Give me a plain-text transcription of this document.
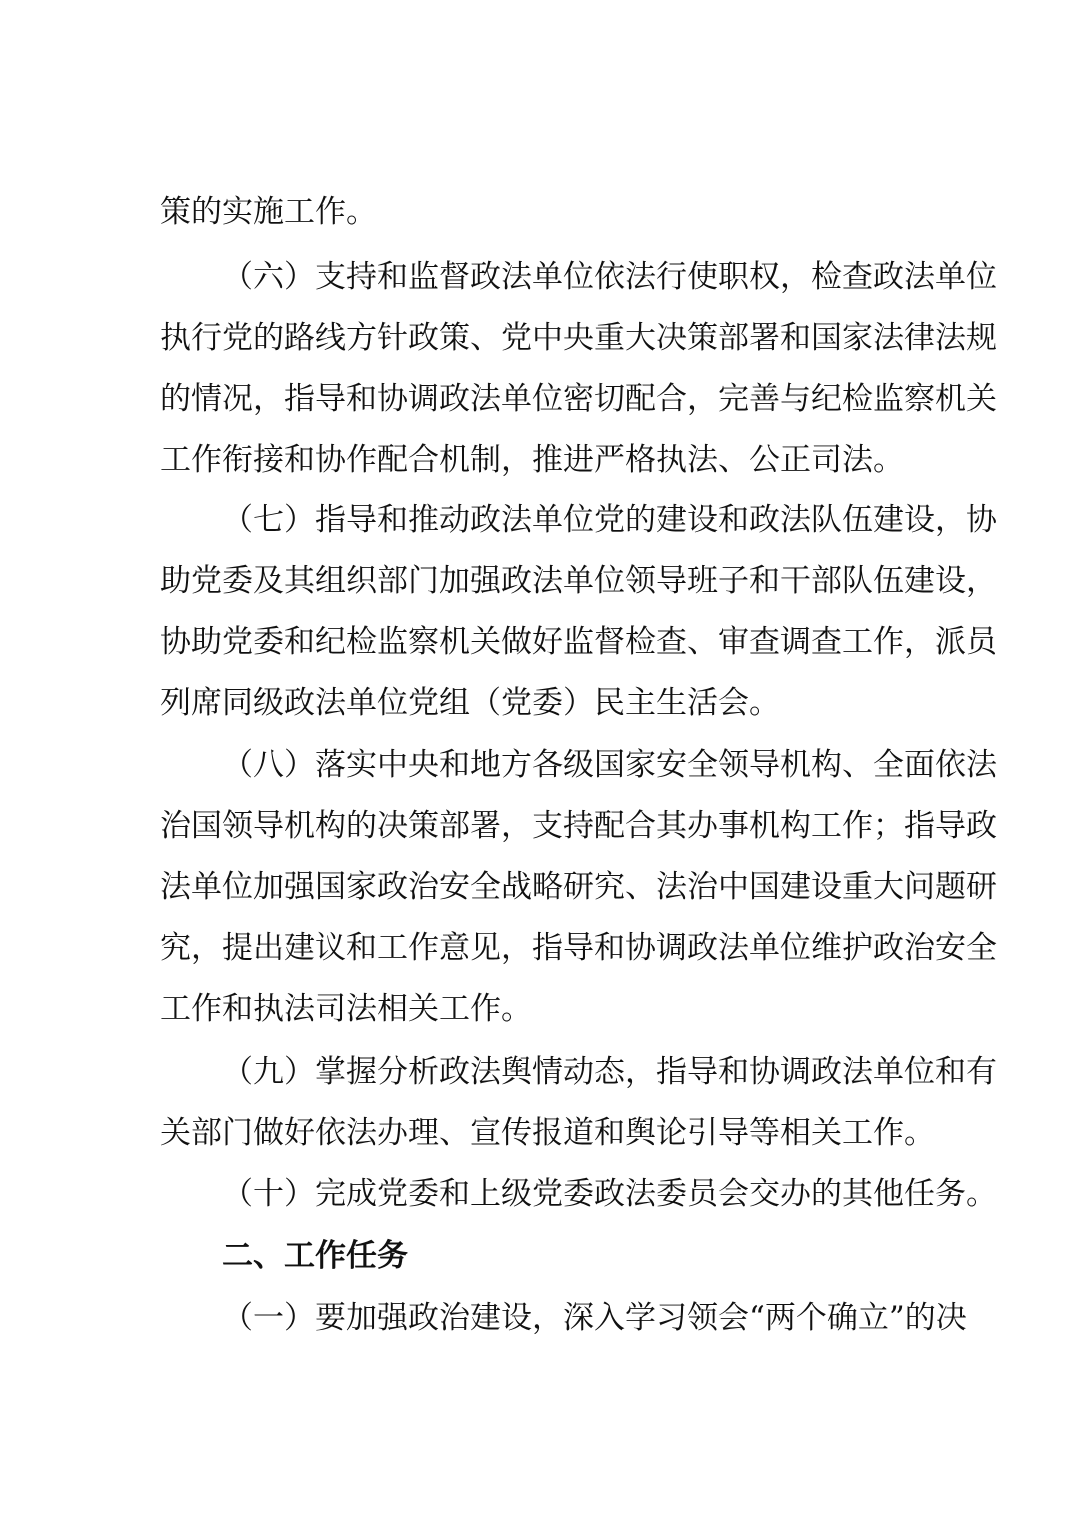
策的实施工作。
（六）支持和监督政法单位依法行使职权，检查政法单位
执行党的路线方针政策、党中央重大决策部署和国家法律法规
的情况，指导和协调政法单位密切配合，完善与纪检监察机关
工作衔接和协作配合机制，推进严格执法、公正司法。
（七）指导和推动政法单位党的建设和政法队伍建设，协
助党委及其组织部门加强政法单位领导班子和干部队伍建设，
协助党委和纪检监察机关做好监督检查、审查调查工作，派员
列席同级政法单位党组（党委）民主生活会。
（八）落实中央和地方各级国家安全领导机构、全面依法
治国领导机构的决策部署，支持配合其办事机构工作；指导政
法单位加强国家政治安全战略研究、法治中国建设重大问题研
究，提出建议和工作意见，指导和协调政法单位维护政治安全
工作和执法司法相关工作。
（九）掌握分析政法舆情动态，指导和协调政法单位和有
关部门做好依法办理、宣传报道和舆论引导等相关工作。
（十）完成党委和上级党委政法委员会交办的其他任务。
二、工作任务
（一）要加强政治建设，深入学习领会“两个确立”的决
